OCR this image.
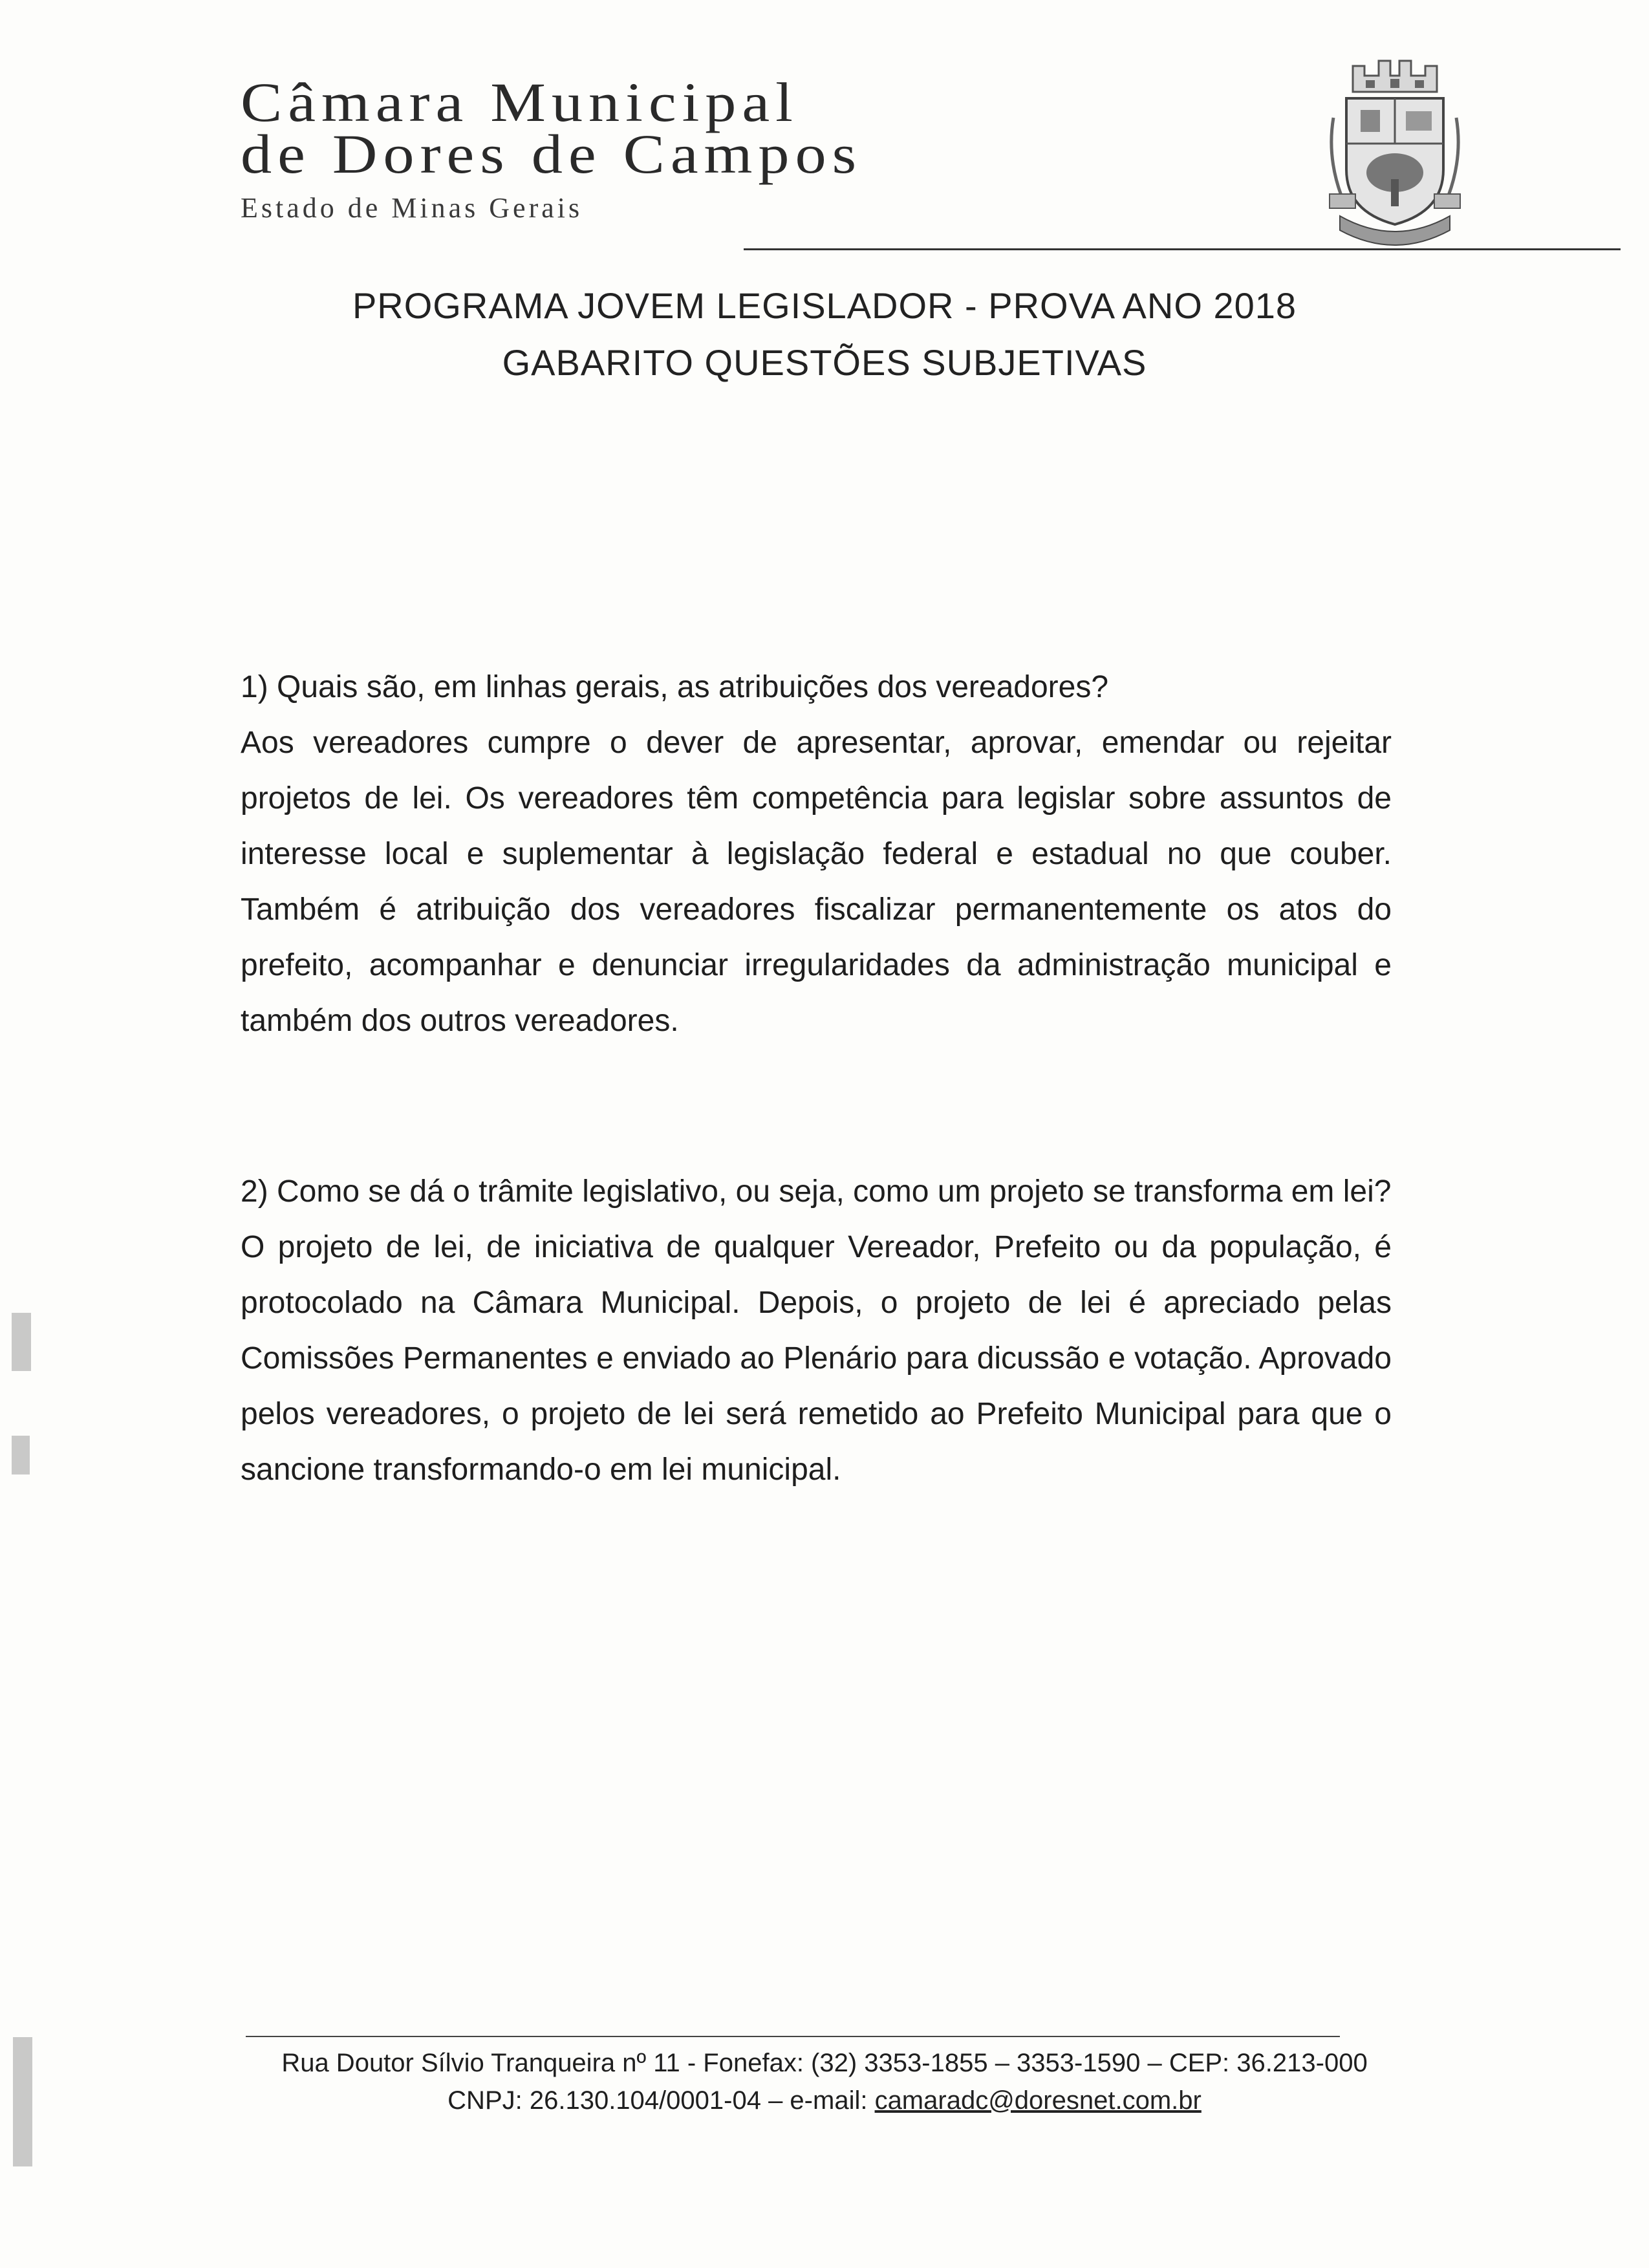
Câmara Municipal
de Dores de Campos
Estado de Minas Gerais
PROGRAMA JOVEM LEGISLADOR - PROVA ANO 2018
GABARITO QUESTÕES SUBJETIVAS
1) Quais são, em linhas gerais, as atribuições dos vereadores?
Aos vereadores cumpre o dever de apresentar, aprovar, emendar ou rejeitar projetos de lei. Os vereadores têm competência para legislar sobre assuntos de interesse local e suplementar à legislação federal e estadual no que couber. Também é atribuição dos vereadores fiscalizar permanentemente os atos do prefeito, acompanhar e denunciar irregularidades da administração municipal e também dos outros vereadores.
2) Como se dá o trâmite legislativo, ou seja, como um projeto se transforma em lei?
O projeto de lei, de iniciativa de qualquer Vereador, Prefeito ou da população, é protocolado na Câmara Municipal. Depois, o projeto de lei é apreciado pelas Comissões Permanentes e enviado ao Plenário para dicussão e votação. Aprovado pelos vereadores, o projeto de lei será remetido ao Prefeito Municipal para que o sancione transformando-o em lei municipal.
Rua Doutor Sílvio Tranqueira nº 11 - Fonefax: (32) 3353-1855 – 3353-1590 – CEP: 36.213-000
CNPJ: 26.130.104/0001-04 – e-mail: camaradc@doresnet.com.br
